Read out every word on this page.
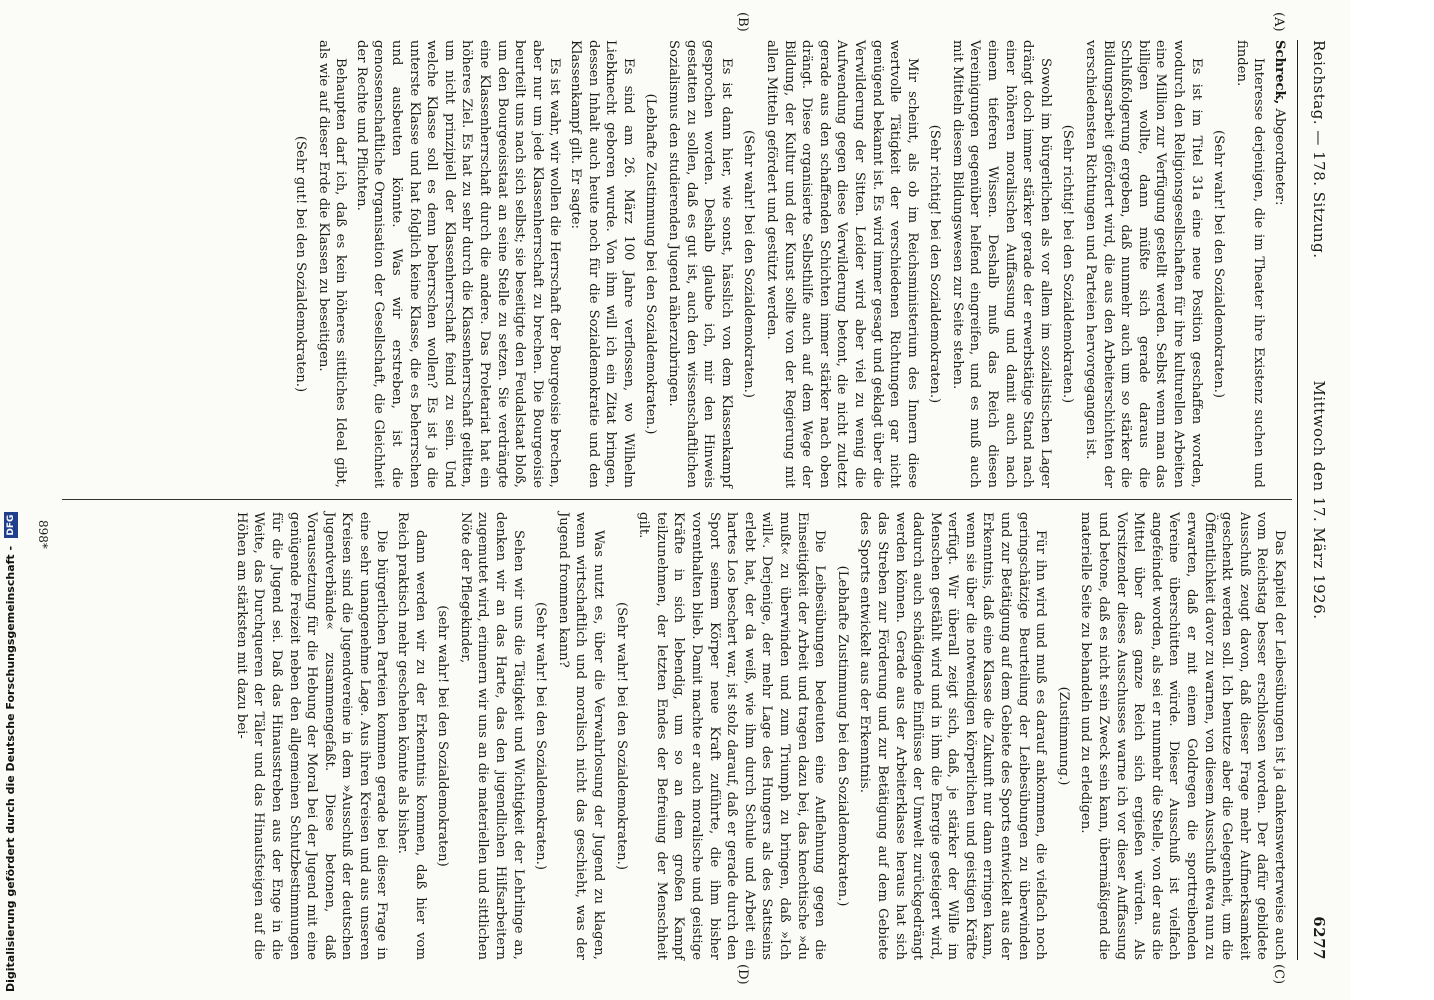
Reichstag. — 178. Sitzung.
Mittwoch den 17. März 1926.
6277
(A)
(B)
(C)
(D)

Schreck, Abgeordneter:

Interesse derjenigen, die im Theater ihre Existenz suchen und finden.

(Sehr wahr! bei den Sozialdemokraten.)

Es ist im Titel 31a eine neue Position geschaffen worden, wodurch den Religionsgesellschaften für ihre kulturellen Arbeiten eine Million zur Verfügung gestellt werden. Selbst wenn man das billigen wollte, dann müßte sich gerade daraus die Schlußfolgerung ergeben, daß nunmehr auch um so stärker die Bildungsarbeit gefördert wird, die aus den Arbeiterschichten der verschiedensten Richtungen und Parteien hervorgegangen ist.

(Sehr richtig! bei den Sozialdemokraten.)

Sowohl im bürgerlichen als vor allem im sozialistischen Lager drängt doch immer stärker gerade der erwerbstätige Stand nach einer höheren moralischen Auffassung und damit auch nach einem tieferen Wissen. Deshalb muß das Reich diesen Vereinigungen gegenüber helfend eingreifen, und es muß auch mit Mitteln diesem Bildungswesen zur Seite stehen.

(Sehr richtig! bei den Sozialdemokraten.)

Mir scheint, als ob im Reichsministerium des Innern diese wertvolle Tätigkeit der verschiedenen Richtungen gar nicht genügend bekannt ist. Es wird immer gesagt und geklagt über die Verwilderung der Sitten. Leider wird aber viel zu wenig die Aufwendung gegen diese Verwilderung betont, die nicht zuletzt gerade aus den schaffenden Schichten immer stärker nach oben drängt. Diese organisierte Selbsthilfe auch auf dem Wege der Bildung, der Kultur und der Kunst sollte von der Regierung mit allen Mitteln gefördert und gestützt werden.

(Sehr wahr! bei den Sozialdemokraten.)

Es ist dann hier, wie sonst, hässlich von dem Klassenkampf gesprochen worden. Deshalb glaube ich, mir den Hinweis gestatten zu sollen, daß es gut ist, auch den wissenschaftlichen Sozialismus den studierenden Jugend näherzubringen.

(Lebhafte Zustimmung bei den Sozialdemokraten.)

Es sind am 26. März 100 Jahre verflossen, wo Wilhelm Liebknecht geboren wurde. Von ihm will ich ein Zitat bringen, dessen Inhalt auch heute noch für die Sozialdemokratie und den Klassenkampf gilt. Er sagte:

Es ist wahr, wir wollen die Herrschaft der Bourgeoisie brechen, aber nur um jede Klassenherrschaft zu brechen. Die Bourgeoisie beurteilt uns nach sich selbst; sie beseitigte den Feudalstaat bloß, um den Bourgeoisstaat an seine Stelle zu setzen. Sie verdrängte eine Klassenherrschaft durch die andere. Das Proletariat hat ein höheres Ziel. Es hat zu sehr durch die Klassenherrschaft gelitten, um nicht prinzipiell der Klassenherrschaft feind zu sein. Und welche Klasse soll es denn beherrschen wollen? Es ist ja die unterste Klasse und hat folglich keine Klasse, die es beherrschen und ausbeuten könnte. Was wir erstreben, ist die genossenschaftliche Organisation der Gesellschaft, die Gleichheit der Rechte und Pflichten.

Behaupten darf ich, daß es kein höheres sittliches Ideal gibt, als wie auf dieser Erde die Klassen zu beseitigen.

(Sehr gut! bei den Sozialdemokraten.)

Das Kapitel der Leibesübungen ist ja dankenswerterweise auch vom Reichstag besser erschlossen worden. Der dafür gebildete Ausschuß zeugt davon, daß dieser Frage mehr Aufmerksamkeit geschenkt werden soll. Ich benutze aber die Gelegenheit, um die Öffentlichkeit davor zu warnen, von diesem Ausschuß etwa nun zu erwarten, daß er mit einem Goldregen die sporttreibenden Vereine überschütten würde. Dieser Ausschuß ist vielfach angefeindet worden, als sei er nunmehr die Stelle, von der aus die Mittel über das ganze Reich sich ergießen würden. Als Vorsitzender dieses Ausschusses warne ich vor dieser Auffassung und betone, daß es nicht sein Zweck sein kann, übermäßigend die materielle Seite zu behandeln und zu erledigen.

(Zustimmung.)

Für ihn wird und muß es darauf ankommen, die vielfach noch geringschätzige Beurteilung der Leibesübungen zu überwinden und zur Betätigung auf dem Gebiete des Sports entwickelt aus der Erkenntnis, daß eine Klasse die Zukunft nur dann erringen kann, wenn sie über die notwendigen körperlichen und geistigen Kräfte verfügt. Wir überall zeigt sich, daß, je stärker der Wille im Menschen gestählt wird und in ihm die Energie gesteigert wird, dadurch auch schädigende Einflüsse der Umwelt zurückgedrängt werden können. Gerade aus der Arbeiterklasse heraus hat sich das Streben zur Förderung und zur Betätigung auf dem Gebiete des Sports entwickelt aus der Erkenntnis.

(Lebhafte Zustimmung bei den Sozialdemokraten.)

Die Leibesübungen bedeuten eine Auflehnung gegen die Einseitigkeit der Arbeit und tragen dazu bei, das knechtische »du mußt« zu überwinden und zum Triumph zu bringen, daß »Ich will«. Derjenige, der mehr Lage des Hungers als des Sattseins erlebt hat, der da weiß, wie ihm durch Schule und Arbeit ein hartes Los beschert war, ist stolz darauf, daß er gerade durch den Sport seinem Körper neue Kraft zuführte, die ihm bisher vorenthalten blieb. Damit machte er auch moralische und geistige Kräfte in sich lebendig, um so an dem großen Kampf teilzunehmen, der letzten Endes der Befreiung der Menschheit gilt.

(Sehr wahr! bei den Sozialdemokraten.)

Was nutzt es, über die Verwahrlosung der Jugend zu klagen, wenn wirtschaftlich und moralisch nicht das geschieht, was der Jugend frommen kann?

(Sehr wahr! bei den Sozialdemokraten.)

Sehen wir uns die Tätigkeit und Wichtigkeit der Lehrlinge an, denken wir an das Harte, das den jugendlichen Hilfsarbeitern zugemutet wird, erinnern wir uns an die materiellen und sittlichen Nöte der Pflegekinder,

(sehr wahr! bei den Sozialdemokraten)

dann werden wir zu der Erkenntnis kommen, daß hier vom Reich praktisch mehr geschehen könnte als bisher.

Die bürgerlichen Parteien kommen gerade bei dieser Frage in eine sehr unangenehme Lage. Aus ihren Kreisen und aus unseren Kreisen sind die Jugendvereine in dem »Ausschuß der deutschen Jugendverbände« zusammengefaßt. Diese betonen, daß Voraussetzung für die Hebung der Moral bei der Jugend mit eine genügende Freizeit neben den allgemeinen Schutzbestimmungen für die Jugend sei. Daß das Hinausstreben aus der Enge in die Weite, das Durchqueren der Täler und das Hinaufsteigen auf die Höhen am stärksten mit dazu bei-

898*
Digitalisierung gefördert durch die Deutsche Forschungsgemeinschaft - DFG
